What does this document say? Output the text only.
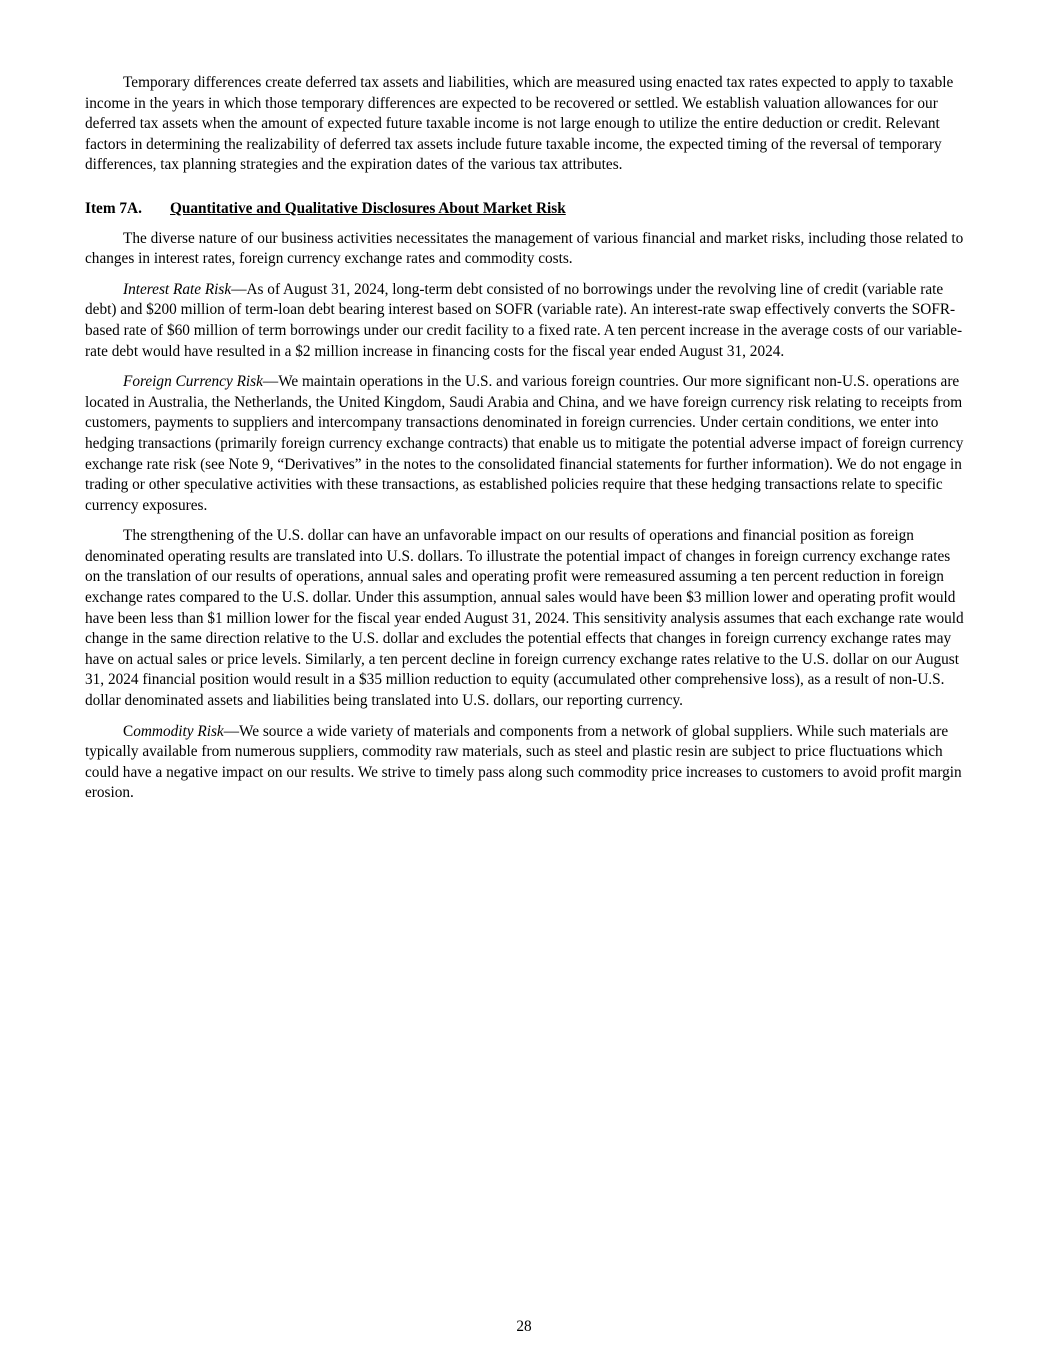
Temporary differences create deferred tax assets and liabilities, which are measured using enacted tax rates expected to apply to taxable income in the years in which those temporary differences are expected to be recovered or settled. We establish valuation allowances for our deferred tax assets when the amount of expected future taxable income is not large enough to utilize the entire deduction or credit. Relevant factors in determining the realizability of deferred tax assets include future taxable income, the expected timing of the reversal of temporary differences, tax planning strategies and the expiration dates of the various tax attributes.

Item 7A. Quantitative and Qualitative Disclosures About Market Risk

The diverse nature of our business activities necessitates the management of various financial and market risks, including those related to changes in interest rates, foreign currency exchange rates and commodity costs.

Interest Rate Risk—As of August 31, 2024, long-term debt consisted of no borrowings under the revolving line of credit (variable rate debt) and $200 million of term-loan debt bearing interest based on SOFR (variable rate). An interest-rate swap effectively converts the SOFR-based rate of $60 million of term borrowings under our credit facility to a fixed rate. A ten percent increase in the average costs of our variable-rate debt would have resulted in a $2 million increase in financing costs for the fiscal year ended August 31, 2024.

Foreign Currency Risk—We maintain operations in the U.S. and various foreign countries. Our more significant non-U.S. operations are located in Australia, the Netherlands, the United Kingdom, Saudi Arabia and China, and we have foreign currency risk relating to receipts from customers, payments to suppliers and intercompany transactions denominated in foreign currencies. Under certain conditions, we enter into hedging transactions (primarily foreign currency exchange contracts) that enable us to mitigate the potential adverse impact of foreign currency exchange rate risk (see Note 9, “Derivatives” in the notes to the consolidated financial statements for further information). We do not engage in trading or other speculative activities with these transactions, as established policies require that these hedging transactions relate to specific currency exposures.

The strengthening of the U.S. dollar can have an unfavorable impact on our results of operations and financial position as foreign denominated operating results are translated into U.S. dollars. To illustrate the potential impact of changes in foreign currency exchange rates on the translation of our results of operations, annual sales and operating profit were remeasured assuming a ten percent reduction in foreign exchange rates compared to the U.S. dollar. Under this assumption, annual sales would have been $3 million lower and operating profit would have been less than $1 million lower for the fiscal year ended August 31, 2024. This sensitivity analysis assumes that each exchange rate would change in the same direction relative to the U.S. dollar and excludes the potential effects that changes in foreign currency exchange rates may have on actual sales or price levels. Similarly, a ten percent decline in foreign currency exchange rates relative to the U.S. dollar on our August 31, 2024 financial position would result in a $35 million reduction to equity (accumulated other comprehensive loss), as a result of non-U.S. dollar denominated assets and liabilities being translated into U.S. dollars, our reporting currency.

Commodity Risk—We source a wide variety of materials and components from a network of global suppliers. While such materials are typically available from numerous suppliers, commodity raw materials, such as steel and plastic resin are subject to price fluctuations which could have a negative impact on our results. We strive to timely pass along such commodity price increases to customers to avoid profit margin erosion.

28
